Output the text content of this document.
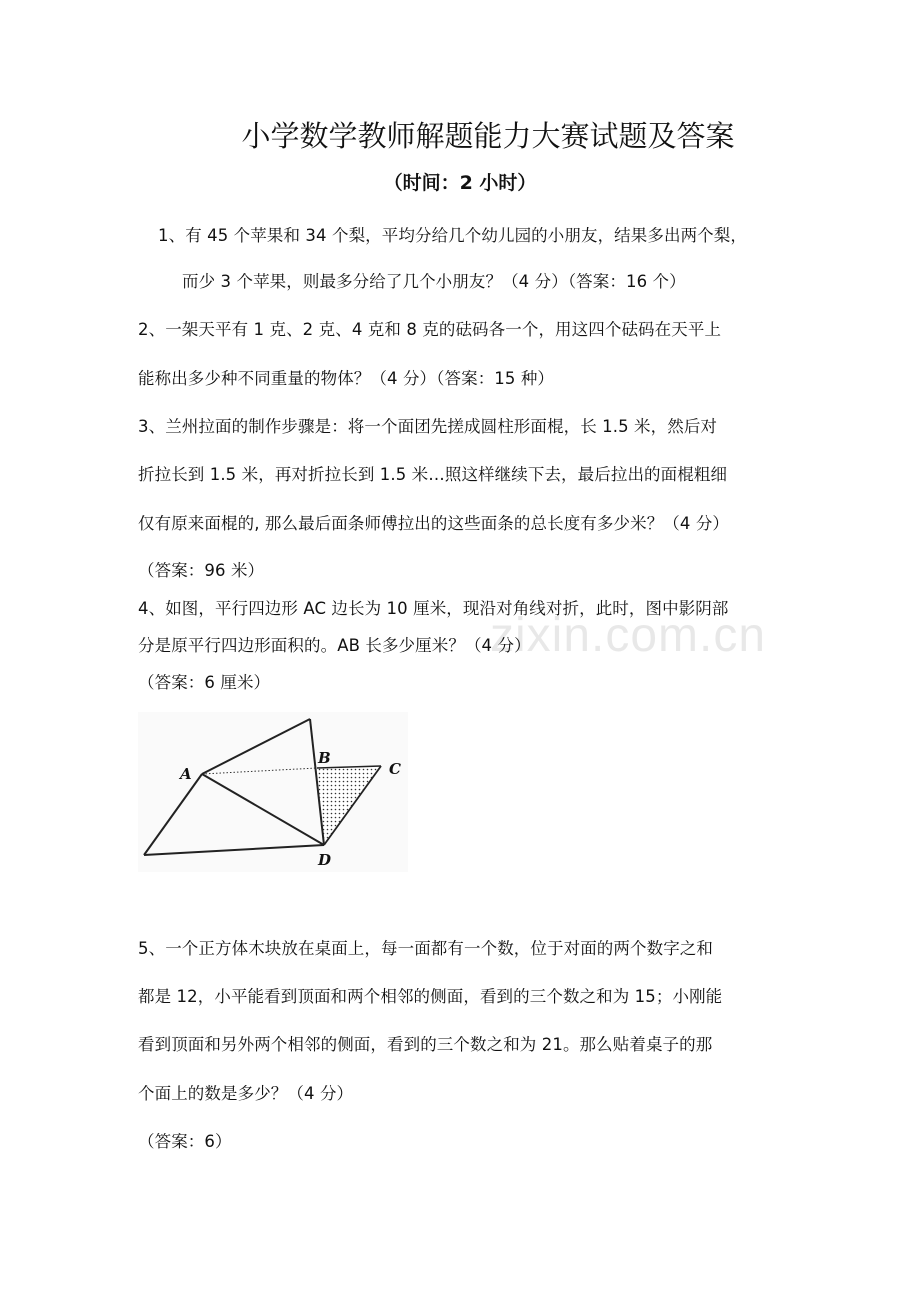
小学数学教师解题能力大赛试题及答案
（时间：2 小时）
1、有 45 个苹果和 34 个梨，平均分给几个幼儿园的小朋友，结果多出两个梨，
而少 3 个苹果，则最多分给了几个小朋友？（4 分）（答案：16 个）
2、一架天平有 1 克、2 克、4 克和 8 克的砝码各一个，用这四个砝码在天平上
能称出多少种不同重量的物体？（4 分）（答案：15 种）
3、兰州拉面的制作步骤是：将一个面团先搓成圆柱形面棍，长 1.5 米，然后对
折拉长到 1.5 米，再对折拉长到 1.5 米…照这样继续下去，最后拉出的面棍粗细
仅有原来面棍的, 那么最后面条师傅拉出的这些面条的总长度有多少米？（4 分）
（答案：96 米）
4、如图，平行四边形 AC 边长为 10 厘米，现沿对角线对折，此时，图中影阴部
分是原平行四边形面积的。AB 长多少厘米？（4 分）
（答案：6 厘米）
A
B
C
D
5、一个正方体木块放在桌面上，每一面都有一个数，位于对面的两个数字之和
都是 12，小平能看到顶面和两个相邻的侧面，看到的三个数之和为 15；小刚能
看到顶面和另外两个相邻的侧面，看到的三个数之和为 21。那么贴着桌子的那
个面上的数是多少？（4 分）
（答案：6）
zixin.com.cn
